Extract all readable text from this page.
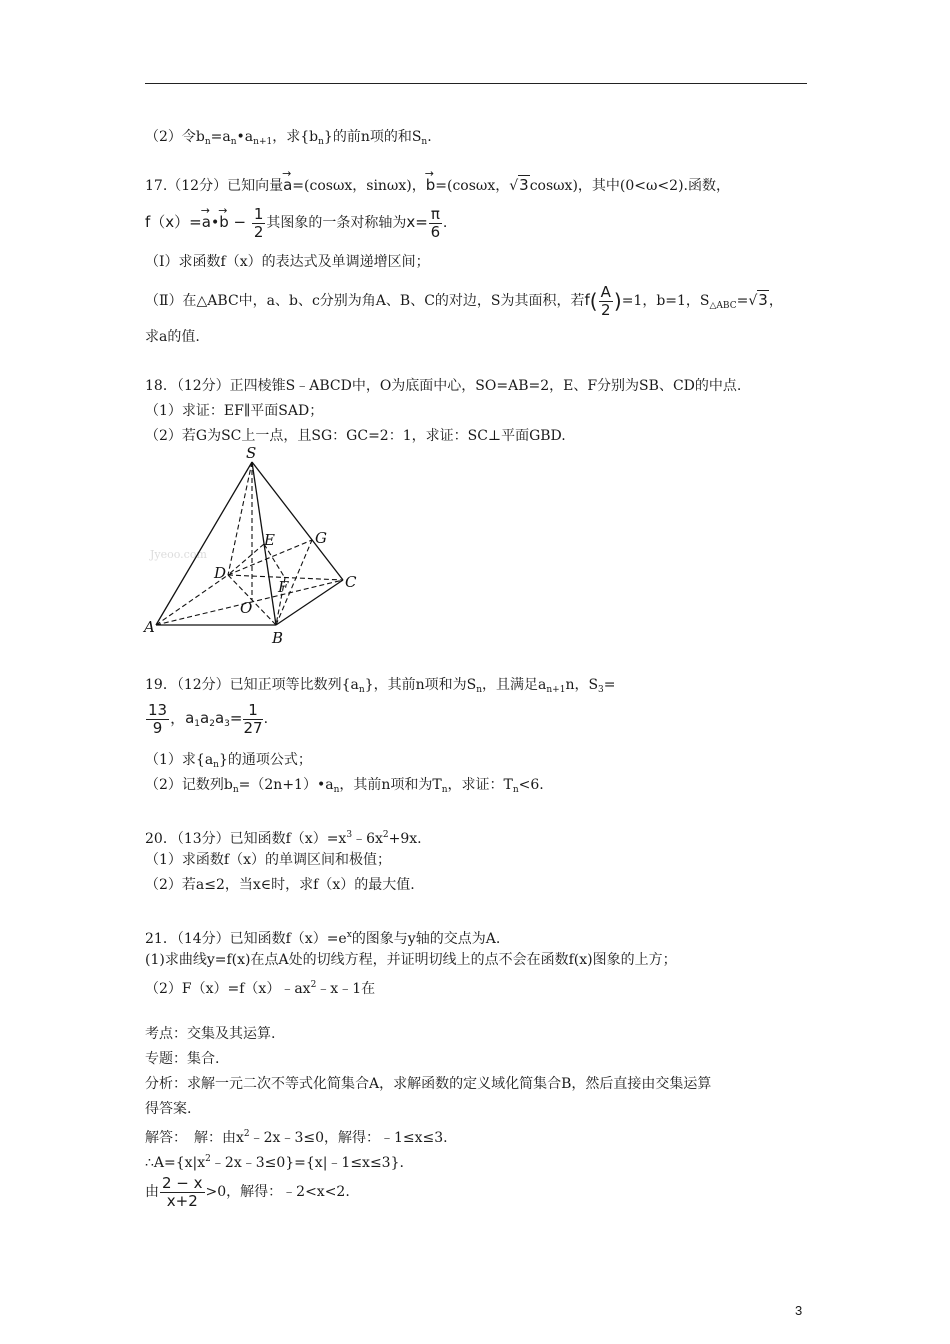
（2）令$b_n=a_n•a_{n+1}$，求$\{b_n\}$的前n项的和$S_n$.
17.（12分）已知向量→ a=(cosωx，sinωx)，→ b=(cosωx，√3cosωx)，其中(0<ω<2).函数，
f（x）=→ a•→ $b - \frac{1}{2}$ 其图象的一条对称轴为$x= \frac{\pi}{6}$ .
（I）求函数f（x）的表达式及单调递增区间；
（Ⅱ）在△ABC中，a、b、c分别为角A、B、C的对边，S为其面积，若$f( \frac{A}{2} )=1$，b=1，$S_{\triangle ABC}=√3$，
求a的值.
18．（12分）正四棱锥S﹣ABCD中，O为底面中心，SO=AB=2，E、F分别为SB、CD的中点.
（1）求证：EF∥平面SAD；
（2）若G为SC上一点，且SG：GC=2：1，求证：SC⊥平面GBD.
Jyeoo.com
S
A
B
C
D
O
E
F
G
19．（12分）已知正项等比数列$\{a_n\}$，其前n项和为$S_n$，且满足$a_{n+1}n$，$S_3=$
$\frac{13}{9}$ ，$a_1a_2a_3= \frac{1}{27}$ .
（1）求$\{a_n\}$的通项公式；
（2）记数列$b_n=(2n+1)•a_n$，其前n项和为$T_n$，求证：$T_n<6$.
20．（13分）已知函数$f(x)=x^3﹣6x^2+9x$.
（1）求函数f（x）的单调区间和极值；
（2）若a≤2，当x∈时，求f（x）的最大值.
21．（14分）已知函数$f(x)=e^x$的图象与y轴的交点为A.
(1)求曲线y=f(x)在点A处的切线方程，并证明切线上的点不会在函数f(x)图象的上方；
$(2)F(x)=f(x)﹣ax^2﹣x﹣1$在
考点：交集及其运算.
专题：集合.
分析：求解一元二次不等式化简集合A，求解函数的定义域化简集合B，然后直接由交集运算
得答案.
解答：　解：由$x^2﹣2x﹣3\le 0$，解得：﹣1≤x≤3.
$\therefore A=\{x|x^2﹣2x﹣3\le 0\}=\{x|﹣1\le x\le 3\}$.
由 $\frac{2 - x}{x+2} >0$，解得：﹣2<x<2.
3
